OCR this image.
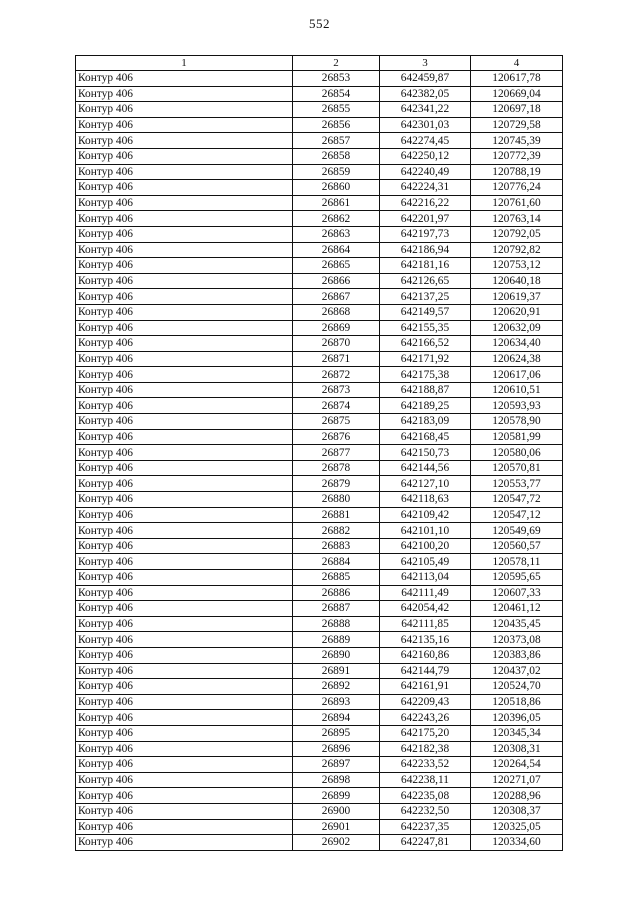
552
1	2	3	4
Контур 406	26853	642459,87	120617,78
Контур 406	26854	642382,05	120669,04
Контур 406	26855	642341,22	120697,18
Контур 406	26856	642301,03	120729,58
Контур 406	26857	642274,45	120745,39
Контур 406	26858	642250,12	120772,39
Контур 406	26859	642240,49	120788,19
Контур 406	26860	642224,31	120776,24
Контур 406	26861	642216,22	120761,60
Контур 406	26862	642201,97	120763,14
Контур 406	26863	642197,73	120792,05
Контур 406	26864	642186,94	120792,82
Контур 406	26865	642181,16	120753,12
Контур 406	26866	642126,65	120640,18
Контур 406	26867	642137,25	120619,37
Контур 406	26868	642149,57	120620,91
Контур 406	26869	642155,35	120632,09
Контур 406	26870	642166,52	120634,40
Контур 406	26871	642171,92	120624,38
Контур 406	26872	642175,38	120617,06
Контур 406	26873	642188,87	120610,51
Контур 406	26874	642189,25	120593,93
Контур 406	26875	642183,09	120578,90
Контур 406	26876	642168,45	120581,99
Контур 406	26877	642150,73	120580,06
Контур 406	26878	642144,56	120570,81
Контур 406	26879	642127,10	120553,77
Контур 406	26880	642118,63	120547,72
Контур 406	26881	642109,42	120547,12
Контур 406	26882	642101,10	120549,69
Контур 406	26883	642100,20	120560,57
Контур 406	26884	642105,49	120578,11
Контур 406	26885	642113,04	120595,65
Контур 406	26886	642111,49	120607,33
Контур 406	26887	642054,42	120461,12
Контур 406	26888	642111,85	120435,45
Контур 406	26889	642135,16	120373,08
Контур 406	26890	642160,86	120383,86
Контур 406	26891	642144,79	120437,02
Контур 406	26892	642161,91	120524,70
Контур 406	26893	642209,43	120518,86
Контур 406	26894	642243,26	120396,05
Контур 406	26895	642175,20	120345,34
Контур 406	26896	642182,38	120308,31
Контур 406	26897	642233,52	120264,54
Контур 406	26898	642238,11	120271,07
Контур 406	26899	642235,08	120288,96
Контур 406	26900	642232,50	120308,37
Контур 406	26901	642237,35	120325,05
Контур 406	26902	642247,81	120334,60
